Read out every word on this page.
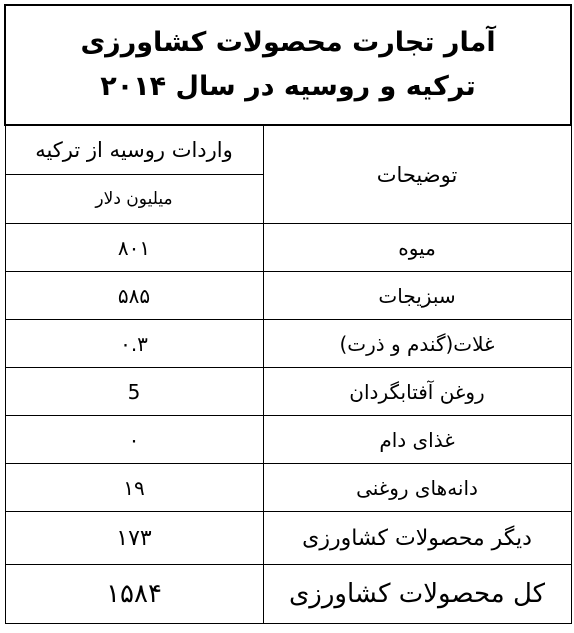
آمار تجارت محصولات کشاورزی
ترکیه و روسیه در سال ۲۰۱۴	

واردات روسیه از ترکیه	توضیحات
میلیون دلار	
۸۰۱	میوه
۵۸۵	سبزیجات
۰.۳	غلات(گندم و ذرت)
5	روغن آفتابگردان
۰	غذای دام
۱۹	دانه‌های روغنی
۱۷۳	دیگر محصولات کشاورزی
۱۵۸۴	کل محصولات کشاورزی
